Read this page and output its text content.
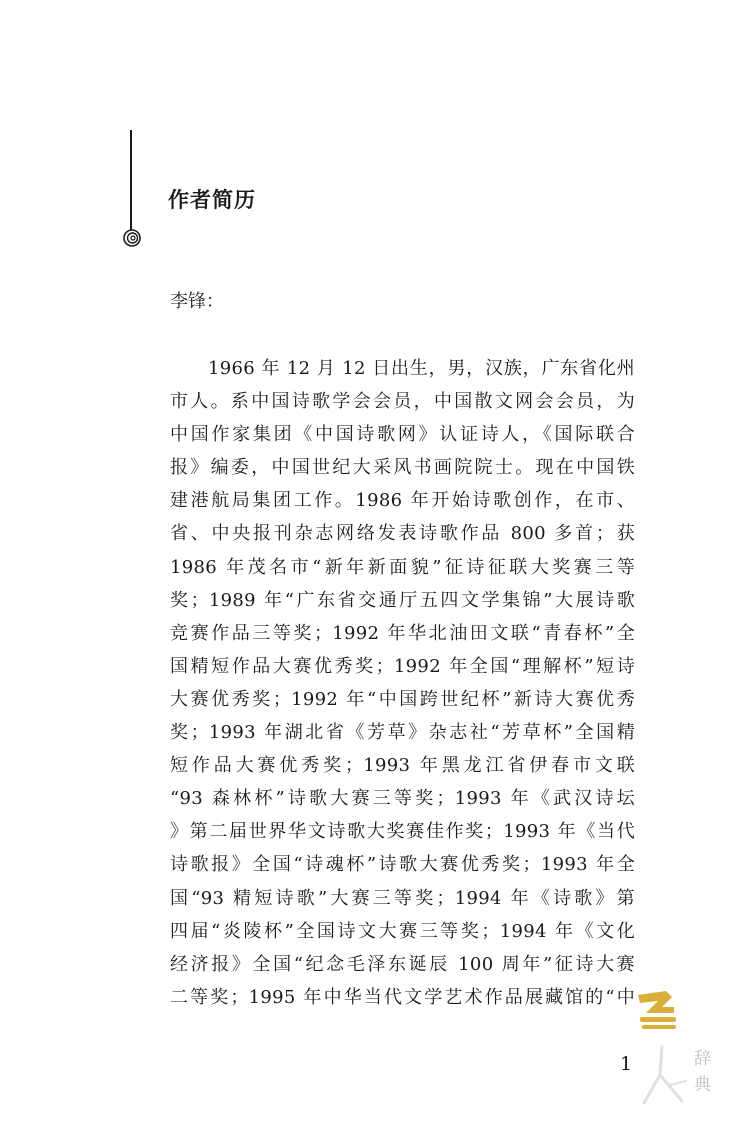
作者简历

李锋：

1966 年 12 月 12 日出生，男，汉族，广东省化州
市人。系中国诗歌学会会员，中国散文网会会员，为
中国作家集团《中国诗歌网》认证诗人，《国际联合
报》编委，中国世纪大采风书画院院士。现在中国铁
建港航局集团工作。1986 年开始诗歌创作，在市、
省、中央报刊杂志网络发表诗歌作品 800 多首；获
1986 年茂名市“新年新面貌”征诗征联大奖赛三等
奖；1989 年“广东省交通厅五四文学集锦”大展诗歌
竞赛作品三等奖；1992 年华北油田文联“青春杯”全
国精短作品大赛优秀奖；1992 年全国“理解杯”短诗
大赛优秀奖；1992 年“中国跨世纪杯”新诗大赛优秀
奖；1993 年湖北省《芳草》杂志社“芳草杯”全国精
短作品大赛优秀奖；1993 年黑龙江省伊春市文联
“93 森林杯”诗歌大赛三等奖；1993 年《武汉诗坛
》第二届世界华文诗歌大奖赛佳作奖；1993 年《当代
诗歌报》全国“诗魂杯”诗歌大赛优秀奖；1993 年全
国“93 精短诗歌”大赛三等奖；1994 年《诗歌》第
四届“炎陵杯”全国诗文大赛三等奖；1994 年《文化
经济报》全国“纪念毛泽东诞辰 100 周年”征诗大赛
二等奖；1995 年中华当代文学艺术作品展藏馆的“中

1	辞
典
